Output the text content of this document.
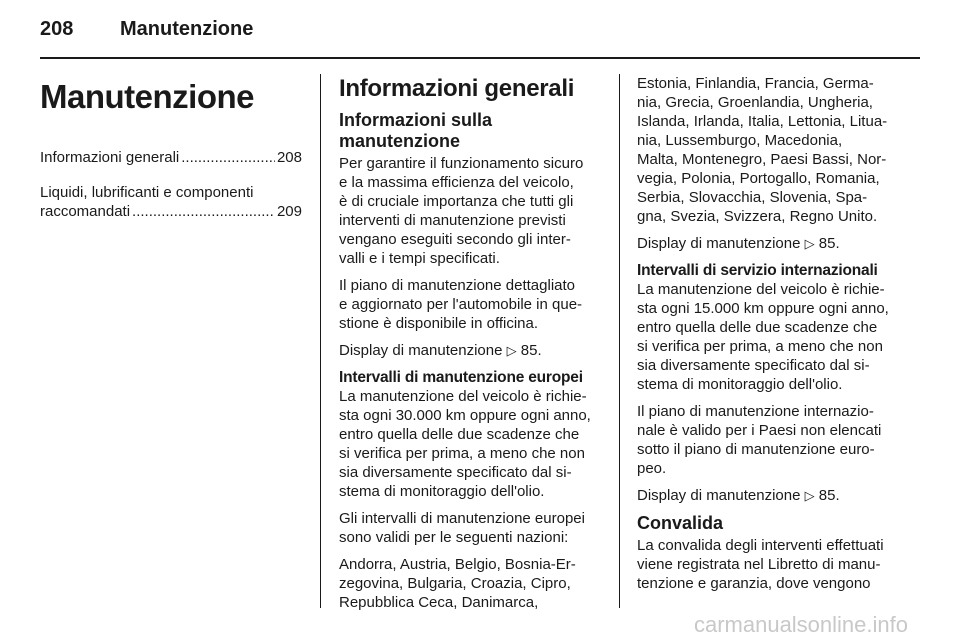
208 Manutenzione
Manutenzione
Informazioni generali .....	208
Liquidi, lubrificanti e componenti
raccomandati .....	209
Informazioni generali
Informazioni sulla
manutenzione
Per garantire il funzionamento sicuro
e la massima efficienza del veicolo,
è di cruciale importanza che tutti gli
interventi di manutenzione previsti
vengano eseguiti secondo gli inter-
valli e i tempi specificati.
Il piano di manutenzione dettagliato
e aggiornato per l'automobile in que-
stione è disponibile in officina.
Display di manutenzione ▷ 85.
Intervalli di manutenzione europei
La manutenzione del veicolo è richie-
sta ogni 30.000 km oppure ogni anno,
entro quella delle due scadenze che
si verifica per prima, a meno che non
sia diversamente specificato dal si-
stema di monitoraggio dell'olio.
Gli intervalli di manutenzione europei
sono validi per le seguenti nazioni:
Andorra, Austria, Belgio, Bosnia-Er-
zegovina, Bulgaria, Croazia, Cipro,
Repubblica Ceca, Danimarca,
Estonia, Finlandia, Francia, Germa-
nia, Grecia, Groenlandia, Ungheria,
Islanda, Irlanda, Italia, Lettonia, Litua-
nia, Lussemburgo, Macedonia,
Malta, Montenegro, Paesi Bassi, Nor-
vegia, Polonia, Portogallo, Romania,
Serbia, Slovacchia, Slovenia, Spa-
gna, Svezia, Svizzera, Regno Unito.
Display di manutenzione ▷ 85.
Intervalli di servizio internazionali
La manutenzione del veicolo è richie-
sta ogni 15.000 km oppure ogni anno,
entro quella delle due scadenze che
si verifica per prima, a meno che non
sia diversamente specificato dal si-
stema di monitoraggio dell'olio.
Il piano di manutenzione internazio-
nale è valido per i Paesi non elencati
sotto il piano di manutenzione euro-
peo.
Display di manutenzione ▷ 85.
Convalida
La convalida degli interventi effettuati
viene registrata nel Libretto di manu-
tenzione e garanzia, dove vengono
carmanualsonline.info
